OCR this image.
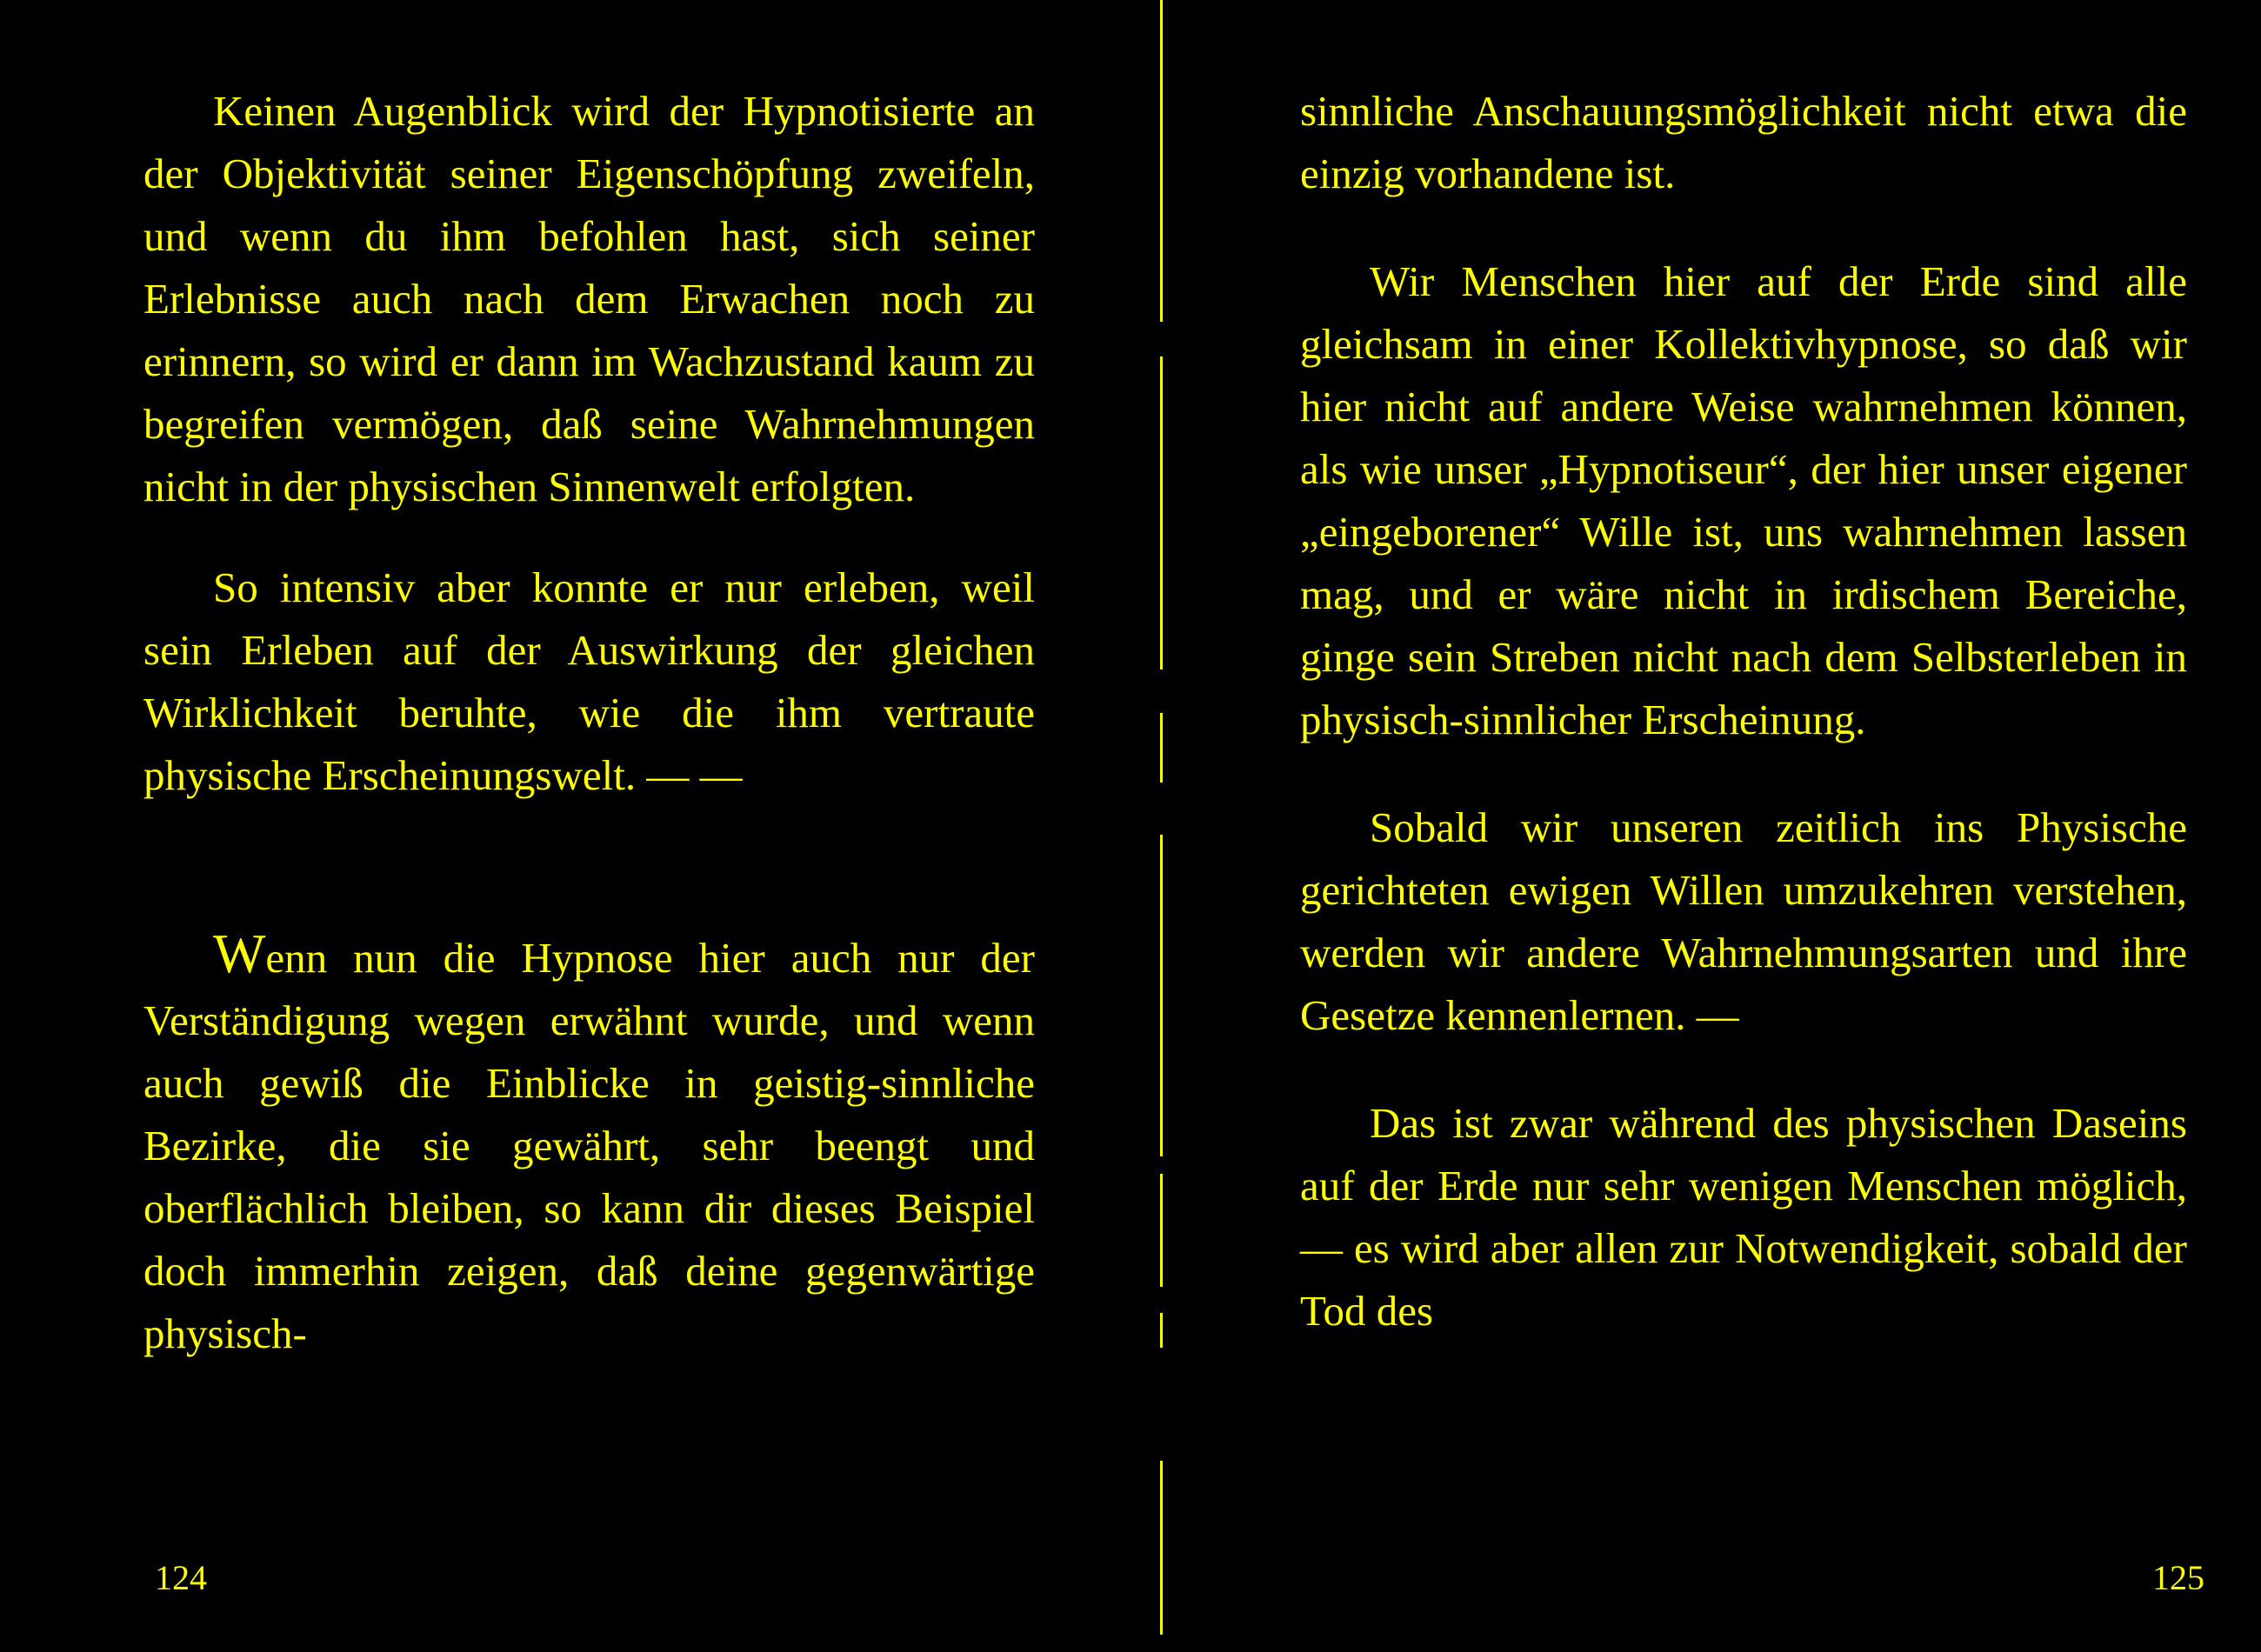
Keinen Augenblick wird der Hypnotisierte an der Objektivität seiner Eigenschöpfung zweifeln, und wenn du ihm befohlen hast, sich seiner Erlebnisse auch nach dem Erwachen noch zu erinnern, so wird er dann im Wachzustand kaum zu begreifen vermögen, daß seine Wahrnehmungen nicht in der physischen Sinnenwelt erfolgten.

So intensiv aber konnte er nur erleben, weil sein Erleben auf der Auswirkung der gleichen Wirklichkeit beruhte, wie die ihm vertraute physische Erscheinungswelt. — —

Wenn nun die Hypnose hier auch nur der Verständigung wegen erwähnt wurde, und wenn auch gewiß die Einblicke in geistig-sinnliche Bezirke, die sie gewährt, sehr beengt und oberflächlich bleiben, so kann dir dieses Beispiel doch immerhin zeigen, daß deine gegenwärtige physisch-

124

sinnliche Anschauungsmöglichkeit nicht etwa die einzig vorhandene ist.

Wir Menschen hier auf der Erde sind alle gleichsam in einer Kollektivhypnose, so daß wir hier nicht auf andere Weise wahrnehmen können, als wie unser „Hypnotiseur“, der hier unser eigener „eingeborener“ Wille ist, uns wahrnehmen lassen mag, und er wäre nicht in irdischem Bereiche, ginge sein Streben nicht nach dem Selbsterleben in physisch-sinnlicher Erscheinung.

Sobald wir unseren zeitlich ins Physische gerichteten ewigen Willen umzukehren verstehen, werden wir andere Wahrnehmungsarten und ihre Gesetze kennenlernen. —

Das ist zwar während des physischen Daseins auf der Erde nur sehr wenigen Menschen möglich, — es wird aber allen zur Notwendigkeit, sobald der Tod des

125
